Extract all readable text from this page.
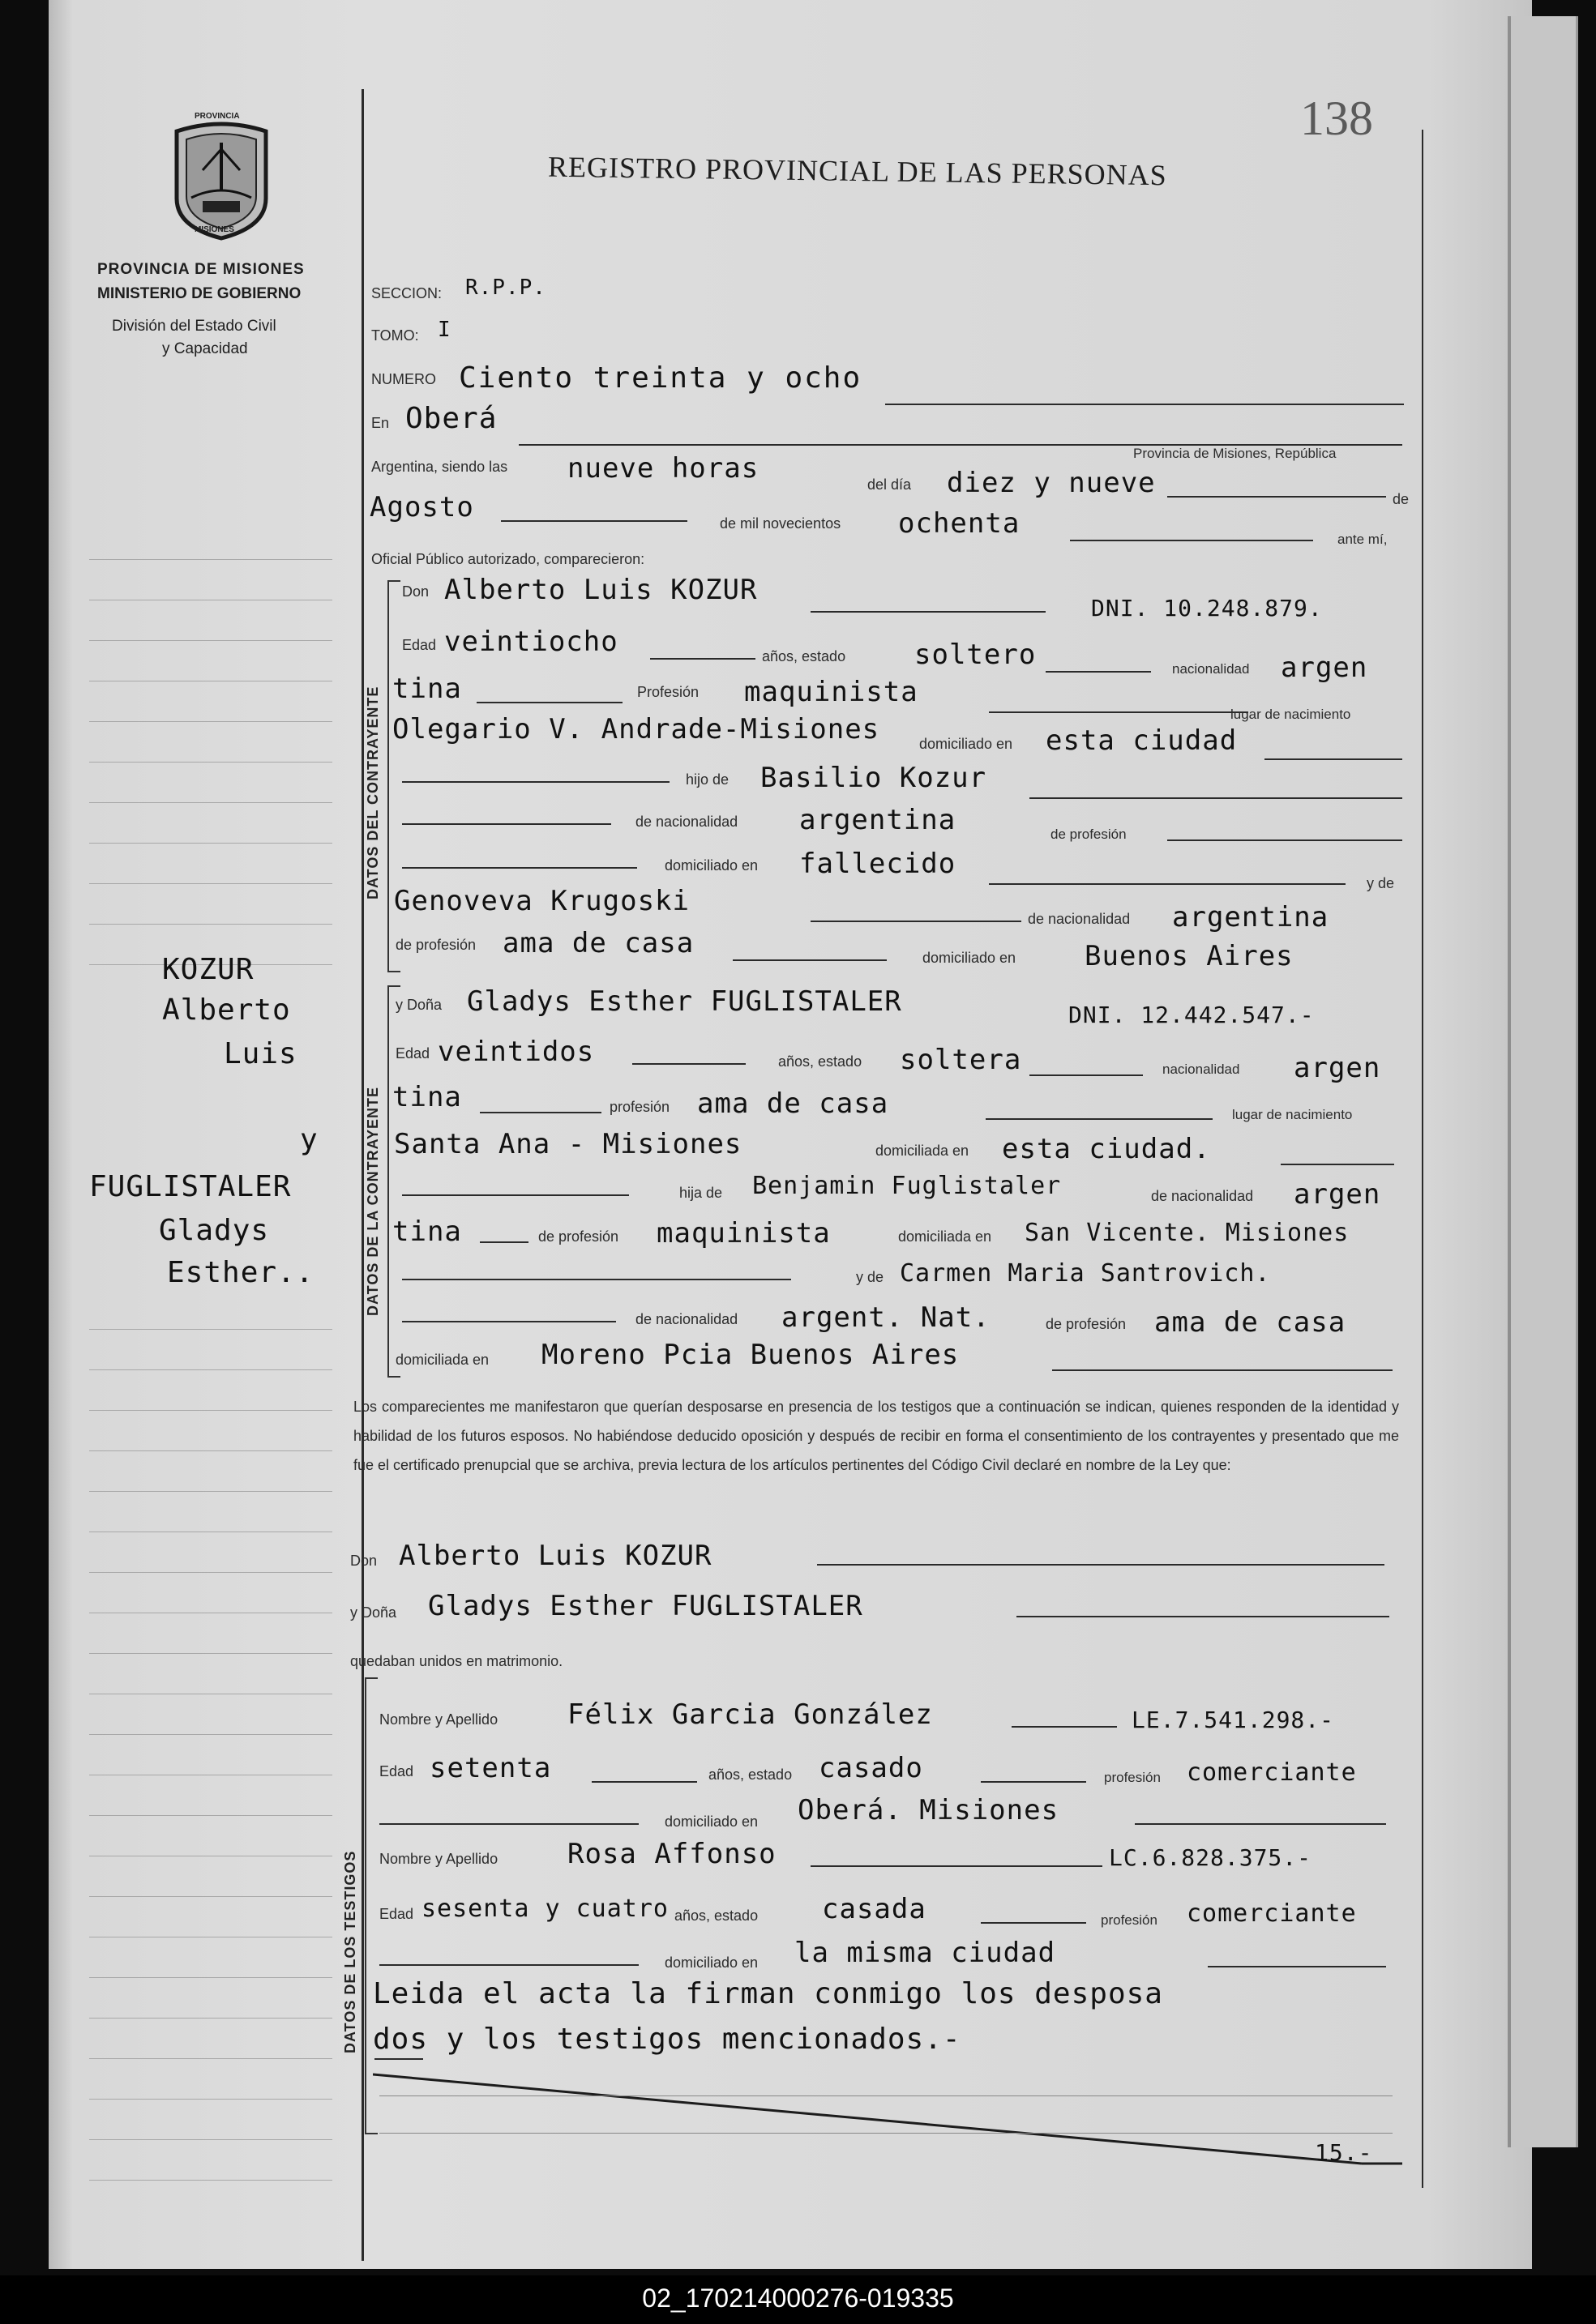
PROVINCIA
MISIONES
PROVINCIA DE MISIONES
MINISTERIO DE GOBIERNO
División del Estado Civil
y Capacidad
REGISTRO PROVINCIAL DE LAS PERSONAS
138
SECCION: R.P.P.
TOMO: I
NUMERO Ciento treinta y ocho
En Oberá
Provincia de Misiones, República
Argentina, siendo las nueve horas	del día diez y nueve	de
Agosto	de mil novecientos ochenta	ante mí,
Oficial Público autorizado, comparecieron:
DATOS DEL CONTRAYENTE
Don Alberto Luis KOZUR
DNI. 10.248.879.
Edad veintiocho	años, estado soltero	nacionalidad argen
tina	Profesión maquinista
lugar de nacimiento
Olegario V. Andrade-Misiones	domiciliado en esta ciudad
hijo de Basilio Kozur
de nacionalidad argentina	de profesión
domiciliado en fallecido
y de
Genoveva Krugoski
de nacionalidad argentina
de profesión ama de casa	domiciliado en Buenos Aires
KOZUR
Alberto
Luis
y
FUGLISTALER
Gladys
Esther..	DATOS DE LA CONTRAYENTE
y Doña Gladys Esther FUGLISTALER	DNI. 12.442.547.-
Edad veintidos	años, estado soltera	nacionalidad argen
tina	profesión ama de casa	lugar de nacimiento
Santa Ana - Misiones	domiciliada en esta ciudad.
hija de Benjamin Fuglistaler	de nacionalidad argen
tina	de profesión maquinista	domiciliada en San Vicente. Misiones
y de Carmen Maria Santrovich.
de nacionalidad argent. Nat.	de profesión ama de casa
domiciliada en Moreno Pcia Buenos Aires
Los comparecientes me manifestaron que querían desposarse en presencia de los testigos que a continuación se indican, quienes responden de la identidad y habilidad de los futuros esposos. No habiéndose deducido oposición y después de recibir en forma el consentimiento de los contrayentes y presentado que me fue el certificado prenupcial que se archiva, previa lectura de los artículos pertinentes del Código Civil declaré en nombre de la Ley que:
Don Alberto Luis KOZUR
y Doña Gladys Esther FUGLISTALER
quedaban unidos en matrimonio.
DATOS DE LOS TESTIGOS
Nombre y Apellido	Félix Garcia González	LE.7.541.298.-
Edad setenta	años, estado casado	profesión comerciante
domiciliado en Oberá. Misiones
Nombre y Apellido	Rosa Affonso	LC.6.828.375.-
Edad sesenta y cuatro años, estado casada	profesión comerciante
domiciliado en la misma ciudad
Leida el acta la firman conmigo los desposa
dos y los testigos mencionados.-
15.-
02_170214000276-019335
